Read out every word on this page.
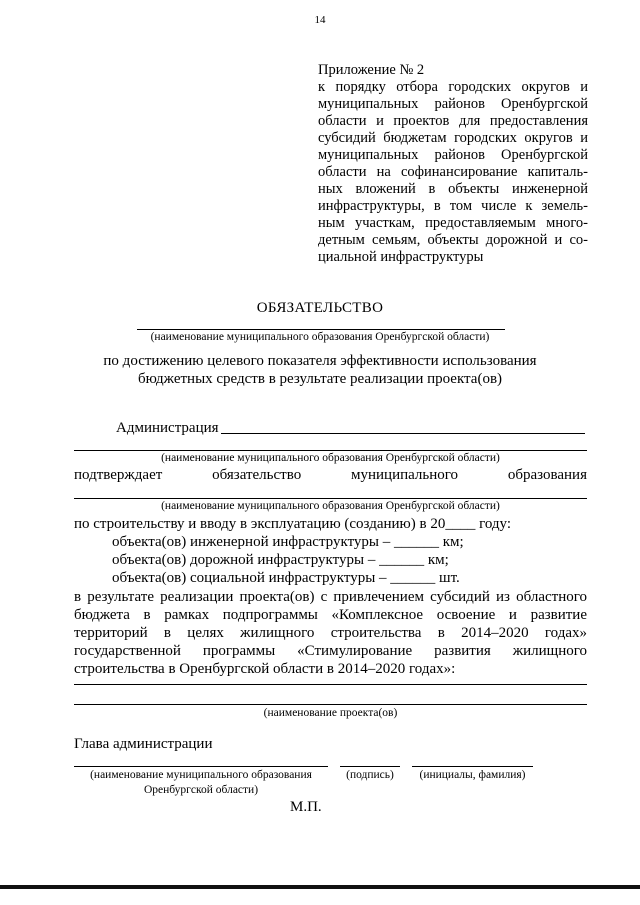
14
Приложение № 2
к порядку отбора городских округов и
муниципальных районов Оренбургской
области и проектов для предоставления
субсидий бюджетам городских округов и
муниципальных районов Оренбургской
области на софинансирование капиталь-
ных вложений в объекты инженерной
инфраструктуры, в том числе к земель-
ным участкам, предоставляемым много-
детным семьям, объекты дорожной и со-
циальной инфраструктуры
ОБЯЗАТЕЛЬСТВО
(наименование муниципального образования Оренбургской области)
по достижению целевого показателя эффективности использования
бюджетных средств в результате реализации проекта(ов)
Администрация
(наименование муниципального образования Оренбургской области)
подтверждает	обязательство	муниципального	образования
(наименование муниципального образования Оренбургской области)
по строительству и вводу в эксплуатацию (созданию) в 20____ году:
объекта(ов) инженерной инфраструктуры – ______ км;
объекта(ов) дорожной инфраструктуры – ______ км;
объекта(ов) социальной инфраструктуры – ______ шт.
в результате реализации проекта(ов) с привлечением субсидий из областного
бюджета в рамках подпрограммы «Комплексное освоение и развитие
территорий в целях жилищного строительства в 2014–2020 годах»
государственной программы «Стимулирование развития жилищного
строительства в Оренбургской области в 2014–2020 годах»:
(наименование проекта(ов)
Глава администрации
(наименование муниципального образования
Оренбургской области)
(подпись)	(инициалы, фамилия)
М.П.
